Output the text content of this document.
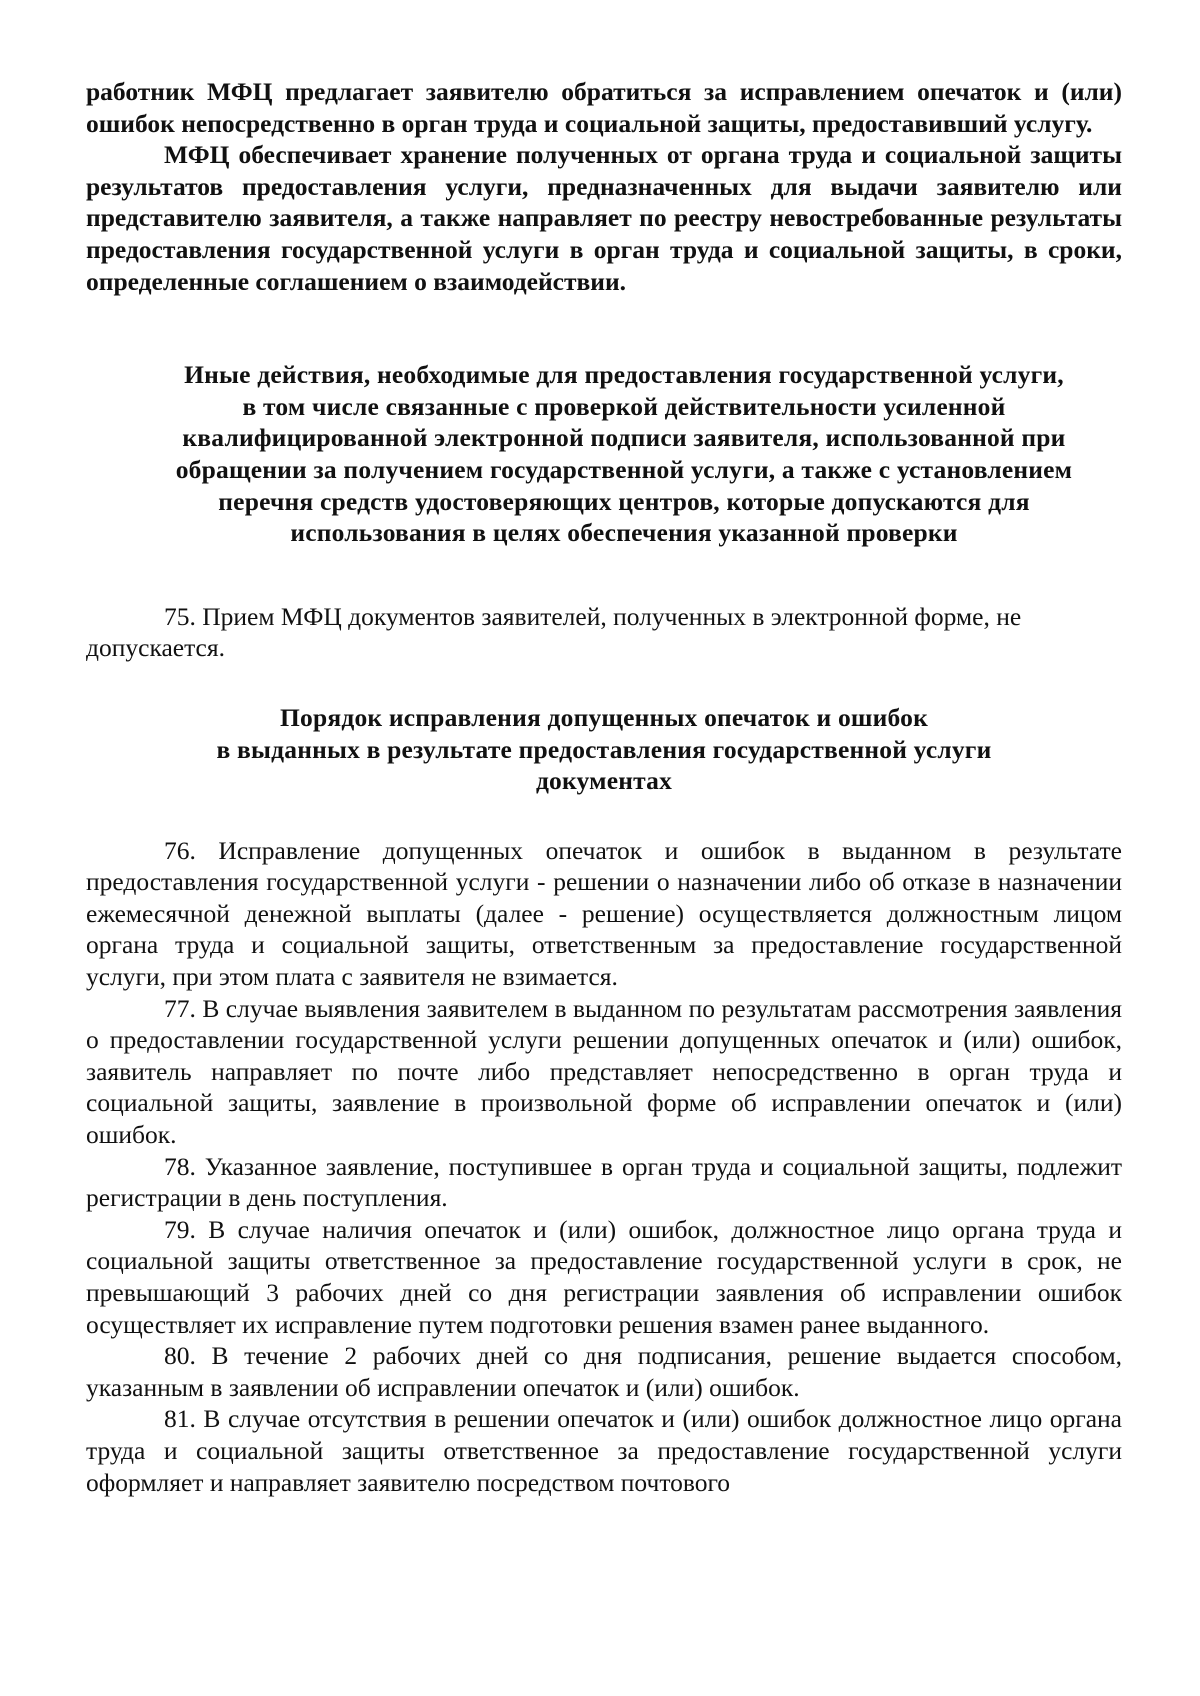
работник МФЦ предлагает заявителю обратиться за исправлением опечаток и (или) ошибок непосредственно в орган труда и социальной защиты, предоставивший услугу.

МФЦ обеспечивает хранение полученных от органа труда и социальной защиты результатов предоставления услуги, предназначенных для выдачи заявителю или представителю заявителя, а также направляет по реестру невостребованные результаты предоставления государственной услуги в орган труда и социальной защиты, в сроки, определенные соглашением о взаимодействии.

Иные действия, необходимые для предоставления государственной услуги,
в том числе связанные с проверкой действительности усиленной
квалифицированной электронной подписи заявителя, использованной при
обращении за получением государственной услуги, а также с установлением
перечня средств удостоверяющих центров, которые допускаются для
использования в целях обеспечения указанной проверки

75. Прием МФЦ документов заявителей, полученных в электронной форме, не допускается.

Порядок исправления допущенных опечаток и ошибок
в выданных в результате предоставления государственной услуги
документах

76. Исправление допущенных опечаток и ошибок в выданном в результате предоставления государственной услуги - решении о назначении либо об отказе в назначении ежемесячной денежной выплаты (далее - решение) осуществляется должностным лицом органа труда и социальной защиты, ответственным за предоставление государственной услуги, при этом плата с заявителя не взимается.

77. В случае выявления заявителем в выданном по результатам рассмотрения заявления о предоставлении государственной услуги решении допущенных опечаток и (или) ошибок, заявитель направляет по почте либо представляет непосредственно в орган труда и социальной защиты, заявление в произвольной форме об исправлении опечаток и (или) ошибок.

78. Указанное заявление, поступившее в орган труда и социальной защиты, подлежит регистрации в день поступления.

79. В случае наличия опечаток и (или) ошибок, должностное лицо органа труда и социальной защиты ответственное за предоставление государственной услуги в срок, не превышающий 3 рабочих дней со дня регистрации заявления об исправлении ошибок осуществляет их исправление путем подготовки решения взамен ранее выданного.

80. В течение 2 рабочих дней со дня подписания, решение выдается способом, указанным в заявлении об исправлении опечаток и (или) ошибок.

81. В случае отсутствия в решении опечаток и (или) ошибок должностное лицо органа труда и социальной защиты ответственное за предоставление государственной услуги оформляет и направляет заявителю посредством почтового
